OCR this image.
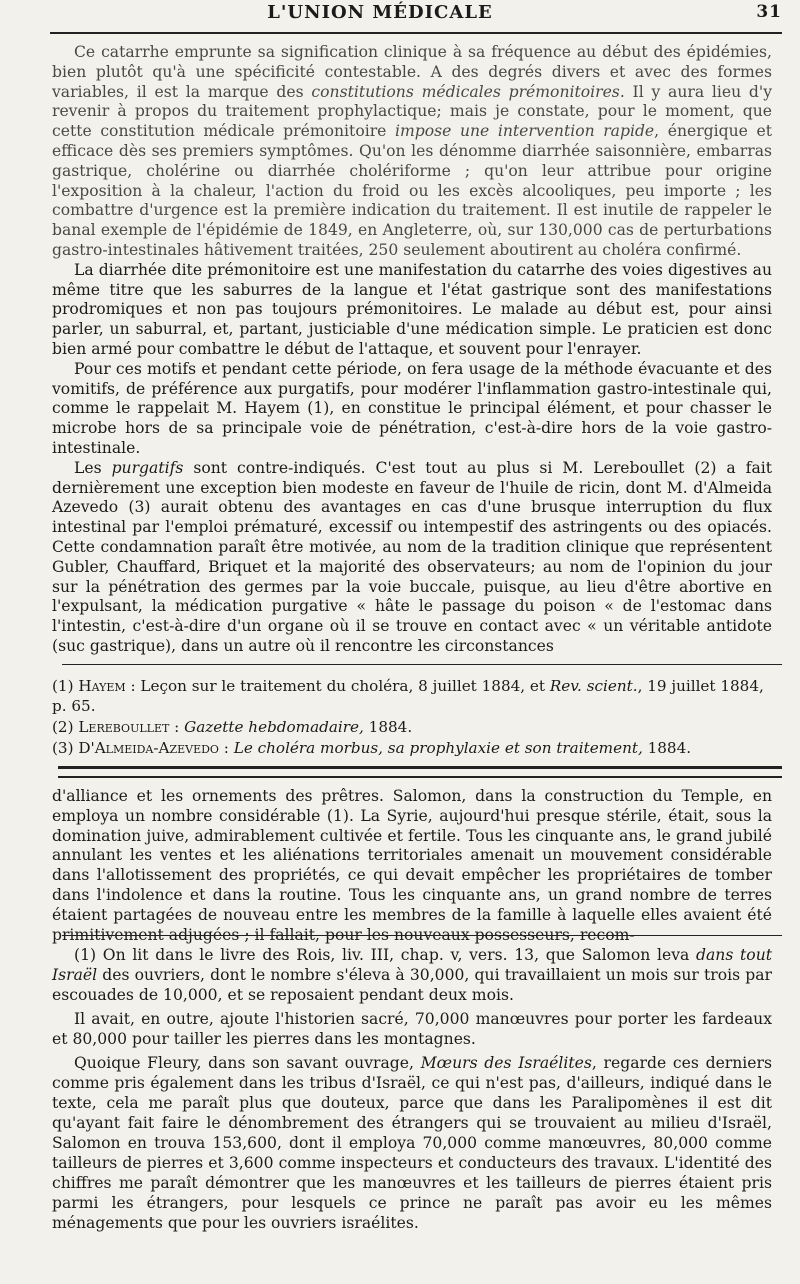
L'UNION MÉDICALE	31

Ce catarrhe emprunte sa signification clinique à sa fréquence au début des épidémies, bien plutôt qu'à une spécificité contestable. A des degrés divers et avec des formes variables, il est la marque des constitutions médicales prémonitoires. Il y aura lieu d'y revenir à propos du traitement prophylactique; mais je constate, pour le moment, que cette constitution médicale prémonitoire impose une intervention rapide, énergique et efficace dès ses premiers symptômes. Qu'on les dénomme diarrhée saisonnière, embarras gastrique, cholérine ou diarrhée cholériforme ; qu'on leur attribue pour origine l'exposition à la chaleur, l'action du froid ou les excès alcooliques, peu importe ; les combattre d'urgence est la première indication du traitement. Il est inutile de rappeler le banal exemple de l'épidémie de 1849, en Angleterre, où, sur 130,000 cas de perturbations gastro-intestinales hâtivement traitées, 250 seulement aboutirent au choléra confirmé.

La diarrhée dite prémonitoire est une manifestation du catarrhe des voies digestives au même titre que les saburres de la langue et l'état gastrique sont des manifestations prodromiques et non pas toujours prémonitoires. Le malade au début est, pour ainsi parler, un saburral, et, partant, justiciable d'une médication simple. Le praticien est donc bien armé pour combattre le début de l'attaque, et souvent pour l'enrayer.

Pour ces motifs et pendant cette période, on fera usage de la méthode évacuante et des vomitifs, de préférence aux purgatifs, pour modérer l'inflammation gastro-intestinale qui, comme le rappelait M. Hayem (1), en constitue le principal élément, et pour chasser le microbe hors de sa principale voie de pénétration, c'est-à-dire hors de la voie gastro-intestinale.

Les purgatifs sont contre-indiqués. C'est tout au plus si M. Lereboullet (2) a fait dernièrement une exception bien modeste en faveur de l'huile de ricin, dont M. d'Almeida Azevedo (3) aurait obtenu des avantages en cas d'une brusque interruption du flux intestinal par l'emploi prématuré, excessif ou intempestif des astringents ou des opiacés. Cette condamnation paraît être motivée, au nom de la tradition clinique que représentent Gubler, Chauffard, Briquet et la majorité des observateurs; au nom de l'opinion du jour sur la pénétration des germes par la voie buccale, puisque, au lieu d'être abortive en l'expulsant, la médication purgative « hâte le passage du poison « de l'estomac dans l'intestin, c'est-à-dire d'un organe où il se trouve en contact avec « un véritable antidote (suc gastrique), dans un autre où il rencontre les circonstances

(1) Hayem : Leçon sur le traitement du choléra, 8 juillet 1884, et Rev. scient., 19 juillet 1884, p. 65.

(2) Lereboullet : Gazette hebdomadaire, 1884.

(3) D'Almeida-Azevedo : Le choléra morbus, sa prophylaxie et son traitement, 1884.

d'alliance et les ornements des prêtres. Salomon, dans la construction du Temple, en employa un nombre considérable (1). La Syrie, aujourd'hui presque stérile, était, sous la domination juive, admirablement cultivée et fertile. Tous les cinquante ans, le grand jubilé annulant les ventes et les aliénations territoriales amenait un mouvement considérable dans l'allotissement des propriétés, ce qui devait empêcher les propriétaires de tomber dans l'indolence et dans la routine. Tous les cinquante ans, un grand nombre de terres étaient partagées de nouveau entre les membres de la famille à laquelle elles avaient été primitivement adjugées ; il fallait, pour les nouveaux possesseurs, recom-

(1) On lit dans le livre des Rois, liv. III, chap. v, vers. 13, que Salomon leva dans tout Israël des ouvriers, dont le nombre s'éleva à 30,000, qui travaillaient un mois sur trois par escouades de 10,000, et se reposaient pendant deux mois.

Il avait, en outre, ajoute l'historien sacré, 70,000 manœuvres pour porter les fardeaux et 80,000 pour tailler les pierres dans les montagnes.

Quoique Fleury, dans son savant ouvrage, Mœurs des Israélites, regarde ces derniers comme pris également dans les tribus d'Israël, ce qui n'est pas, d'ailleurs, indiqué dans le texte, cela me paraît plus que douteux, parce que dans les Paralipomènes il est dit qu'ayant fait faire le dénombrement des étrangers qui se trouvaient au milieu d'Israël, Salomon en trouva 153,600, dont il employa 70,000 comme manœuvres, 80,000 comme tailleurs de pierres et 3,600 comme inspecteurs et conducteurs des travaux. L'identité des chiffres me paraît démontrer que les manœuvres et les tailleurs de pierres étaient pris parmi les étrangers, pour lesquels ce prince ne paraît pas avoir eu les mêmes ménagements que pour les ouvriers israélites.
